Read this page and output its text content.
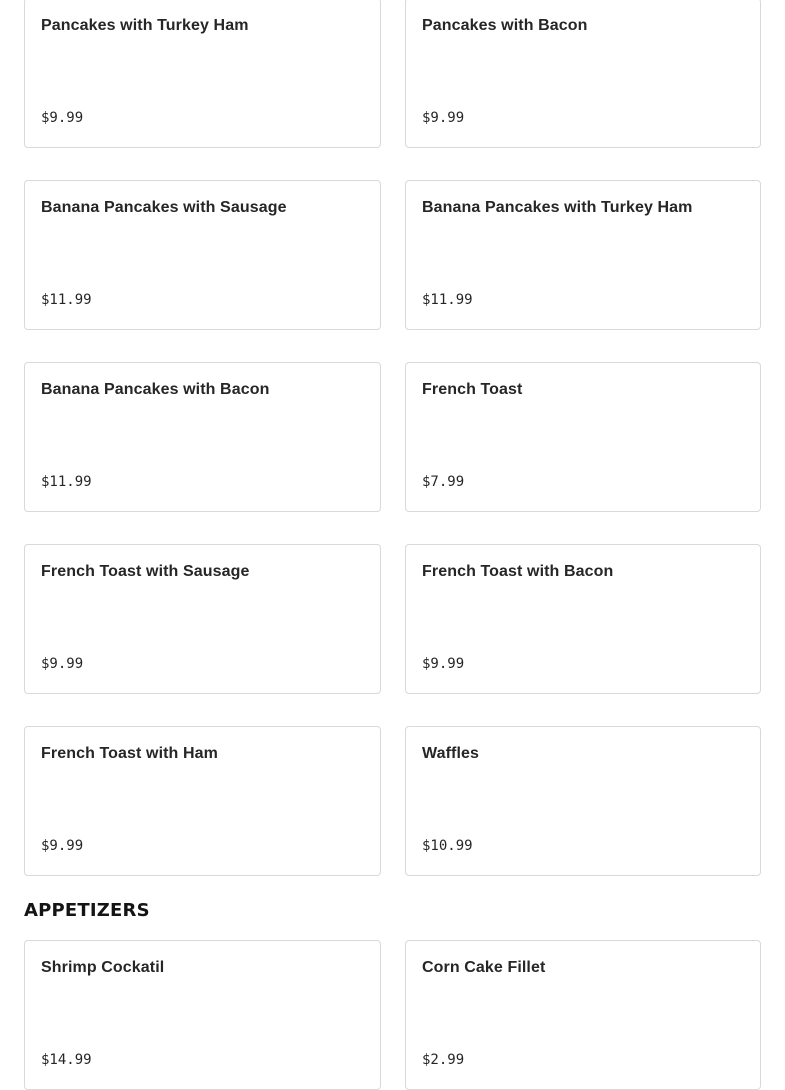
Pancakes with Turkey Ham
$9.99
Pancakes with Bacon
$9.99
Banana Pancakes with Sausage
$11.99
Banana Pancakes with Turkey Ham
$11.99
Banana Pancakes with Bacon
$11.99
French Toast
$7.99
French Toast with Sausage
$9.99
French Toast with Bacon
$9.99
French Toast with Ham
$9.99
Waffles
$10.99
APPETIZERS
Shrimp Cockatil
$14.99
Corn Cake Fillet
$2.99
